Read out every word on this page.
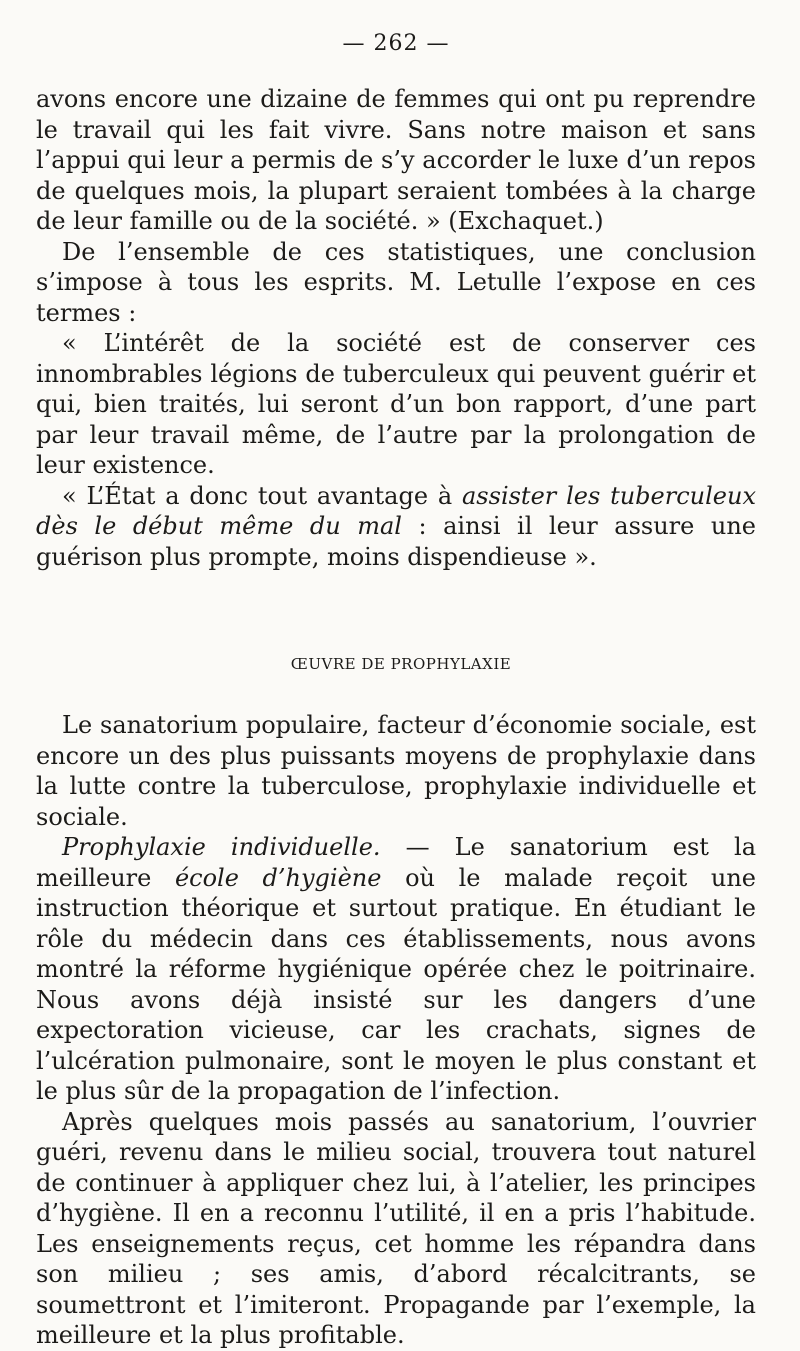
— 262 —

avons encore une dizaine de femmes qui ont pu reprendre le travail qui les fait vivre. Sans notre maison et sans l’appui qui leur a permis de s’y accorder le luxe d’un repos de quelques mois, la plupart seraient tombées à la charge de leur famille ou de la société. » (Exchaquet.)

De l’ensemble de ces statistiques, une conclusion s’impose à tous les esprits. M. Letulle l’expose en ces termes :

« L’intérêt de la société est de conserver ces innombrables légions de tuberculeux qui peuvent guérir et qui, bien traités, lui seront d’un bon rapport, d’une part par leur travail même, de l’autre par la prolongation de leur existence.

« L’État a donc tout avantage à assister les tuberculeux dès le début même du mal : ainsi il leur assure une guérison plus prompte, moins dispendieuse ».

ŒUVRE DE PROPHYLAXIE

Le sanatorium populaire, facteur d’économie sociale, est encore un des plus puissants moyens de prophylaxie dans la lutte contre la tuberculose, prophylaxie individuelle et sociale.

Prophylaxie individuelle. — Le sanatorium est la meilleure école d’hygiène où le malade reçoit une instruction théorique et surtout pratique. En étudiant le rôle du médecin dans ces établissements, nous avons montré la réforme hygiénique opérée chez le poitrinaire. Nous avons déjà insisté sur les dangers d’une expectoration vicieuse, car les crachats, signes de l’ulcération pulmonaire, sont le moyen le plus constant et le plus sûr de la propagation de l’infection.

Après quelques mois passés au sanatorium, l’ouvrier guéri, revenu dans le milieu social, trouvera tout naturel de continuer à appliquer chez lui, à l’atelier, les principes d’hygiène. Il en a reconnu l’utilité, il en a pris l’habitude. Les enseignements reçus, cet homme les répandra dans son milieu ; ses amis, d’abord récalcitrants, se soumettront et l’imiteront. Propagande par l’exemple, la meilleure et la plus profitable.
